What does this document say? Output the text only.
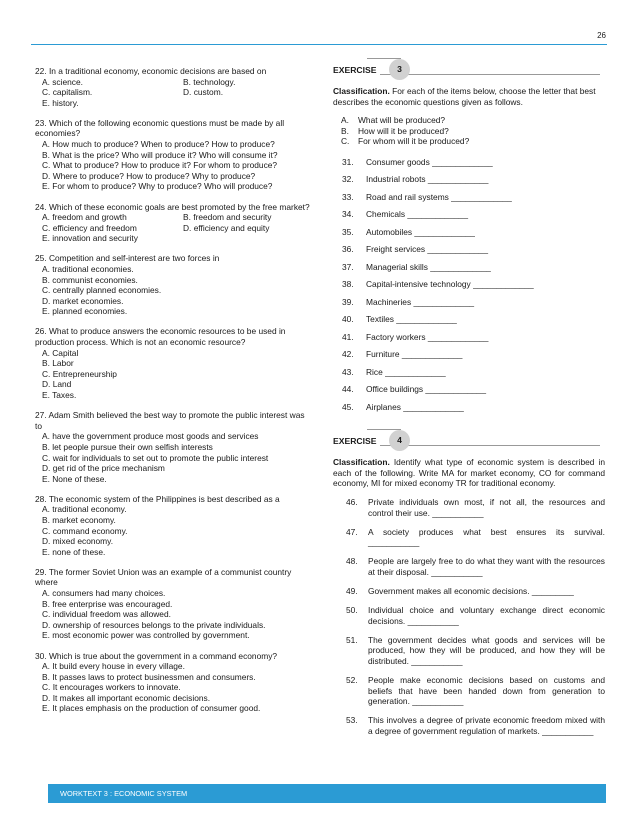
26
22. In a traditional economy, economic decisions are based on
A. science.	B. technology.
C. capitalism.	D. custom.
E. history.
23. Which of the following economic questions must be made by all economies?
A. How much to produce? When to produce? How to produce?
B. What is the price? Who will produce it? Who will consume it?
C. What to produce? How to produce it? For whom to produce?
D. Where to produce? How to produce? Why to produce?
E. For whom to produce? Why to produce? Who will produce?
24. Which of these economic goals are best promoted by the free market?
A. freedom and growth	B. freedom and security
C. efficiency and freedom	D. efficiency and equity
E. innovation and security
25. Competition and self-interest are two forces in
A. traditional economies.
B. communist economies.
C. centrally planned economies.
D. market economies.
E. planned economies.
26. What to produce answers the economic resources to be used in production process. Which is not an economic resource?
A. Capital
B. Labor
C. Entrepreneurship
D. Land
E. Taxes.
27. Adam Smith believed the best way to promote the public interest was to
A. have the government produce most goods and services
B. let people pursue their own selfish interests
C. wait for individuals to set out to promote the public interest
D. get rid of the price mechanism
E. None of these.
28. The economic system of the Philippines is best described as a
A. traditional economy.
B. market economy.
C. command economy.
D. mixed economy.
E. none of these.
29. The former Soviet Union was an example of a communist country where
A. consumers had many choices.
B. free enterprise was encouraged.
C. individual freedom was allowed.
D. ownership of resources belongs to the private individuals.
E. most economic power was controlled by government.
30. Which is true about the government in a command economy?
A. It build every house in every village.
B. It passes laws to protect businessmen and consumers.
C. It encourages workers to innovate.
D. It makes all important economic decisions.
E. It places emphasis on the production of consumer good.
EXERCISE	3
Classification. For each of the items below, choose the letter that best describes the economic questions given as follows.
A.	What will be produced?
B.	How will it be produced?
C.	For whom will it be produced?
31.	Consumer goods _____________
32.	Industrial robots _____________
33.	Road and rail systems _____________
34.	Chemicals _____________
35.	Automobiles _____________
36.	Freight services _____________
37.	Managerial skills _____________
38.	Capital-intensive technology _____________
39.	Machineries _____________
40.	Textiles _____________
41.	Factory workers _____________
42.	Furniture _____________
43.	Rice _____________
44.	Office buildings _____________
45.	Airplanes _____________
EXERCISE	4
Classification. Identify what type of economic system is described in each of the following. Write MA for market economy, CO for command economy, MI for mixed economy TR for traditional economy.
46.	Private individuals own most, if not all, the resources and control their use. ___________
47.	A society produces what best ensures its survival. ___________
48.	People are largely free to do what they want with the resources at their disposal. ___________
49.	Government makes all economic decisions. _________
50.	Individual choice and voluntary exchange direct economic decisions. ___________
51.	The government decides what goods and services will be produced, how they will be produced, and how they will be distributed. ___________
52.	People make economic decisions based on customs and beliefs that have been handed down from generation to generation. ___________
53.	This involves a degree of private economic freedom mixed with a degree of government regulation of markets. ___________
WORKTEXT 3 : ECONOMIC SYSTEM
